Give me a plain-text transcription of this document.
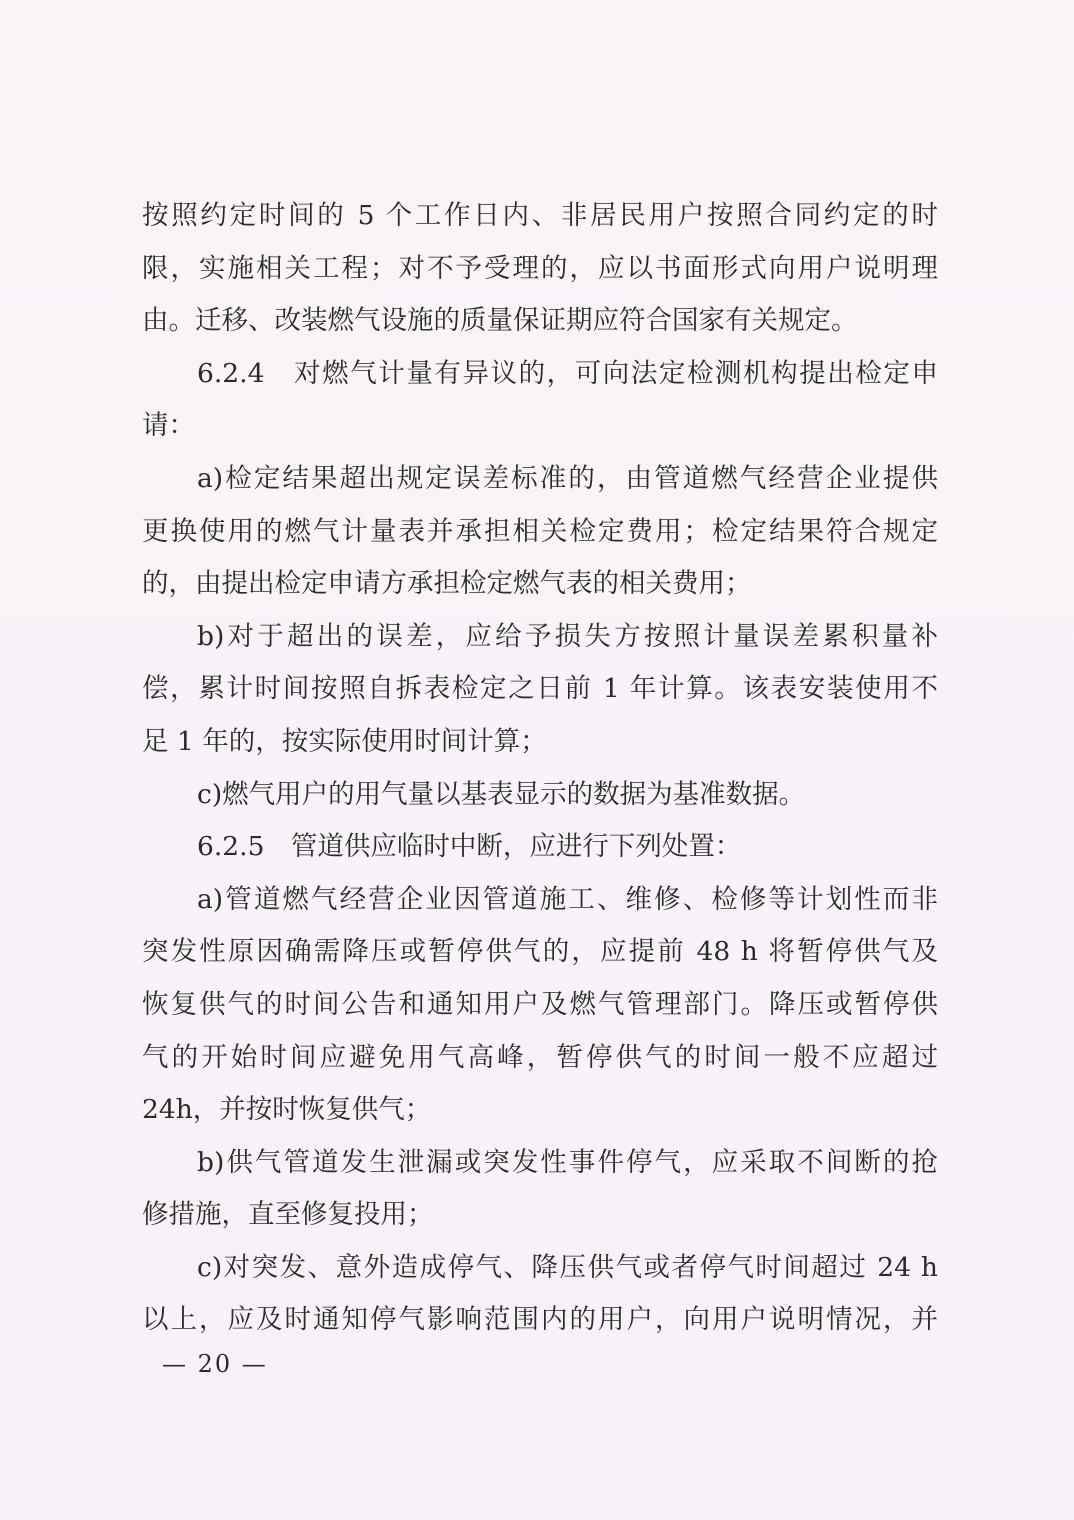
按照约定时间的 5 个工作日内、非居民用户按照合同约定的时
限，实施相关工程；对不予受理的，应以书面形式向用户说明理
由。迁移、改装燃气设施的质量保证期应符合国家有关规定。
6.2.4　对燃气计量有异议的，可向法定检测机构提出检定申
请：
a)检定结果超出规定误差标准的，由管道燃气经营企业提供
更换使用的燃气计量表并承担相关检定费用；检定结果符合规定
的，由提出检定申请方承担检定燃气表的相关费用；
b)对于超出的误差，应给予损失方按照计量误差累积量补
偿，累计时间按照自拆表检定之日前 1 年计算。该表安装使用不
足 1 年的，按实际使用时间计算；
c)燃气用户的用气量以基表显示的数据为基准数据。
6.2.5　管道供应临时中断，应进行下列处置：
a)管道燃气经营企业因管道施工、维修、检修等计划性而非
突发性原因确需降压或暂停供气的，应提前 48 h 将暂停供气及
恢复供气的时间公告和通知用户及燃气管理部门。降压或暂停供
气的开始时间应避免用气高峰，暂停供气的时间一般不应超过
24h，并按时恢复供气；
b)供气管道发生泄漏或突发性事件停气，应采取不间断的抢
修措施，直至修复投用；
c)对突发、意外造成停气、降压供气或者停气时间超过 24 h
以上，应及时通知停气影响范围内的用户，向用户说明情况，并
— 20 —
